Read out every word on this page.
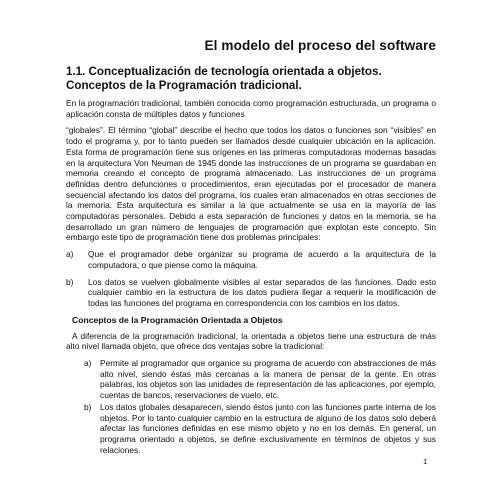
El modelo del proceso del software
1.1. Conceptualización de tecnología orientada a objetos.
Conceptos de la Programación tradicional.

En la programación tradicional, también conocida como programación estructurada, un programa o aplicación consta de múltiples datos y funciones

“globales”. El término “global” describe el hecho que todos los datos o funciones son “visibles” en todo el programa y, por lo tanto pueden ser llamados desde cualquier ubicación en la aplicación. Esta forma de programación tiene sus orígenes en las primeras computadoras modernas basadas en la arquitectura Von Neuman de 1945 donde las instrucciones de un programa se guardaban en memoria creando el concepto de programa almacenado. Las instrucciones de un programa definidas dentro defunciones o procedimientos, eran ejecutadas por el procesador de manera secuencial afectando los datos del programa, los cuales eran almacenados en otras secciones de la memoria. Esta arquitectura es similar a la que actualmente se usa en la mayoría de las computadoras personales. Debido a esta separación de funciones y datos en la memoria, se ha desarrollado un gran número de lenguajes de programación que explotan este concepto. Sin embargo este tipo de programación tiene dos problemas principales:

a)	Que el programador debe organizar su programa de acuerdo a la arquitectura de la computadora, o que piense como la máquina.
b)	Los datos se vuelven globalmente visibles al estar separados de las funciones. Dado esto cualquier cambio en la estructura de los datos pudiera llegar a requerir la modificación de todas las funciones del programa en correspondencia con los cambios en los datos.
Conceptos de la Programación Orientada a Objetos

A diferencia de la programación tradicional, la orientada a objetos tiene una estructura de más alto nivel llamada objeto, que ofrece dos ventajas sobre la tradicional:

a)	Permite al programador que organice su programa de acuerdo con abstracciones de más alto nivel, siendo éstas más cercanas a la manera de pensar de la gente. En otras palabras, los objetos son las unidades de representación de las aplicaciones, por ejemplo, cuentas de bancos, reservaciones de vuelo, etc.
b)	Los datos globales desaparecen, siendo éstos junto con las funciones parte interna de los objetos. Por lo tanto cualquier cambio en la estructura de alguno de los datos solo deberá afectar las funciones definidas en ese mismo objeto y no en los demás. En general, un programa orientado a objetos, se define exclusivamente en términos de objetos y sus relaciones.
1
